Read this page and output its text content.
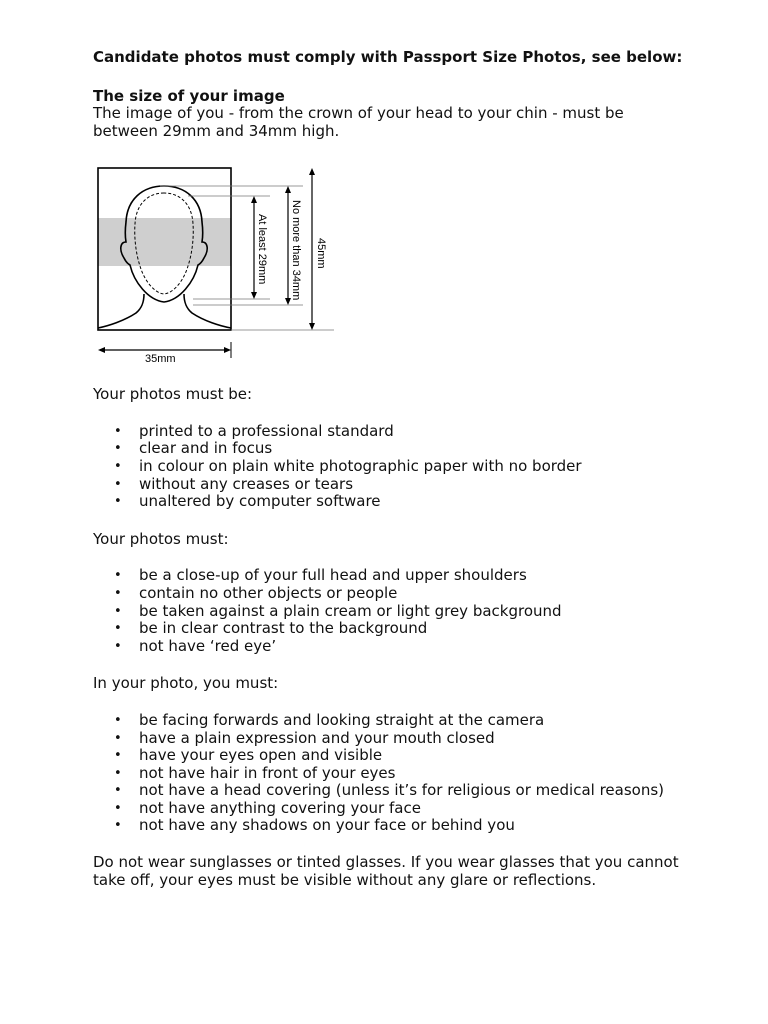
Candidate photos must comply with Passport Size Photos, see below:

The size of your image

The image of you - from the crown of your head to your chin - must be between 29mm and 34mm high.

35mm
At least 29mm No more than 34mm 45mm

Your photos must be:

• printed to a professional standard
• clear and in focus
• in colour on plain white photographic paper with no border
• without any creases or tears
• unaltered by computer software

Your photos must:

• be a close-up of your full head and upper shoulders
• contain no other objects or people
• be taken against a plain cream or light grey background
• be in clear contrast to the background
• not have ‘red eye’

In your photo, you must:

• be facing forwards and looking straight at the camera
• have a plain expression and your mouth closed
• have your eyes open and visible
• not have hair in front of your eyes
• not have a head covering (unless it’s for religious or medical reasons)
• not have anything covering your face
• not have any shadows on your face or behind you

Do not wear sunglasses or tinted glasses. If you wear glasses that you cannot take off, your eyes must be visible without any glare or reflections.
